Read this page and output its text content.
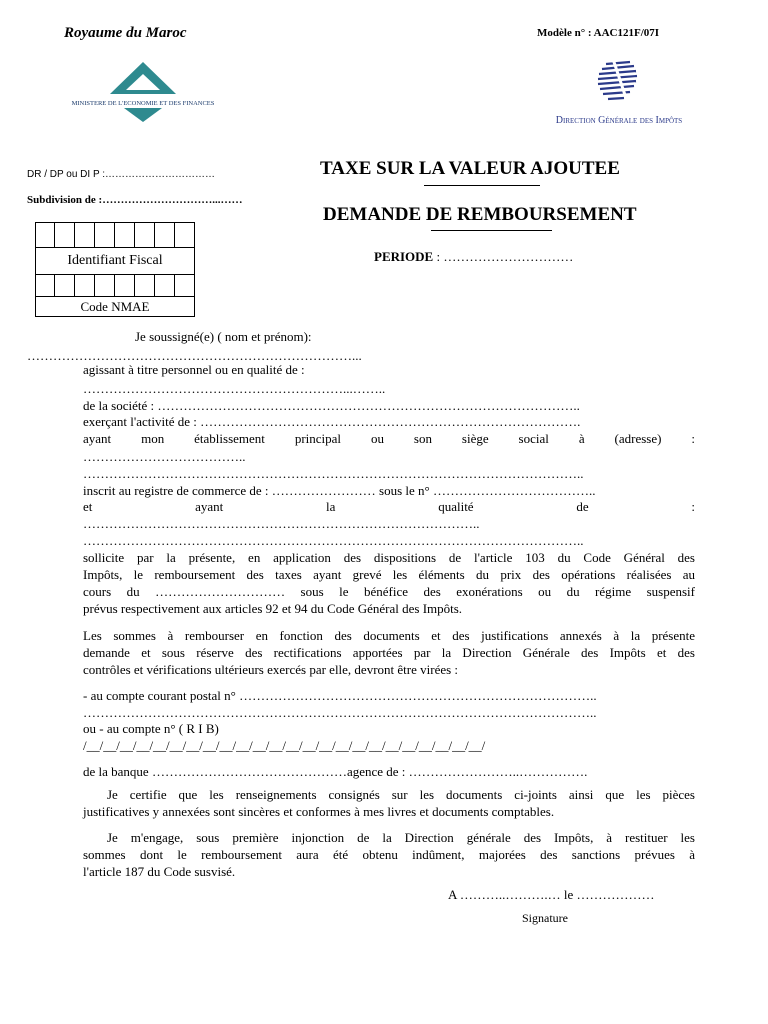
Royaume du Maroc	Modèle n° : AAC121F/07I
MINISTERE DE L'ECONOMIE ET DES FINANCES
Direction Générale des Impôts
DR / DP ou DI P :……………………………
Subdivision de :…………………………...……
TAXE SUR LA VALEUR AJOUTEE
DEMANDE DE REMBOURSEMENT
PERIODE : …………………………

Identifiant Fiscal							

Code NMAE							
Je soussigné(e) ( nom et prénom):
…………………………………………………………………...
agissant à titre personnel ou en qualité de :
……………………………………………………...……..
de la société : ……………………………………………………………………………………..
exerçant l'activité de : …………………………………………………………………………….
ayant mon établissement principal ou son siège social à (adresse) :
………………………………..
……………………………………………………………………………………………………..
inscrit au registre de commerce de : …………………… sous le n° ………………………………..
et ayant la qualité de :
………………………………………………………………………………..
……………………………………………………………………………………………………..
sollicite par la présente, en application des dispositions de l'article 103 du Code Général des
Impôts, le remboursement des taxes ayant grevé les éléments du prix des opérations réalisées au
cours du ………………………… sous le bénéfice des exonérations ou du régime suspensif
prévus respectivement aux articles 92 et 94 du Code Général des Impôts.
Les sommes à rembourser en fonction des documents et des justifications annexés à la présente
demande et sous réserve des rectifications apportées par la Direction Générale des Impôts et des
contrôles et vérifications ultérieurs exercés par elle, devront être virées :
- au compte courant postal n° ………………………………………………………………………..
………………………………………………………………………………………………………..
ou - au compte n° ( R I B)
/__/__/__/__/__/__/__/__/__/__/__/__/__/__/__/__/__/__/__/__/__/__/__/__/
de la banque ………………………………………agence de : ……………………..…………….
Je certifie que les renseignements consignés sur les documents ci-joints ainsi que les pièces
justificatives y annexées sont sincères et conformes à mes livres et documents comptables.
Je m'engage, sous première injonction de la Direction générale des Impôts, à restituer les
sommes dont le remboursement aura été obtenu indûment, majorées des sanctions prévues à
l'article 187 du Code susvisé.
A ………..……….… le ………………
Signature
